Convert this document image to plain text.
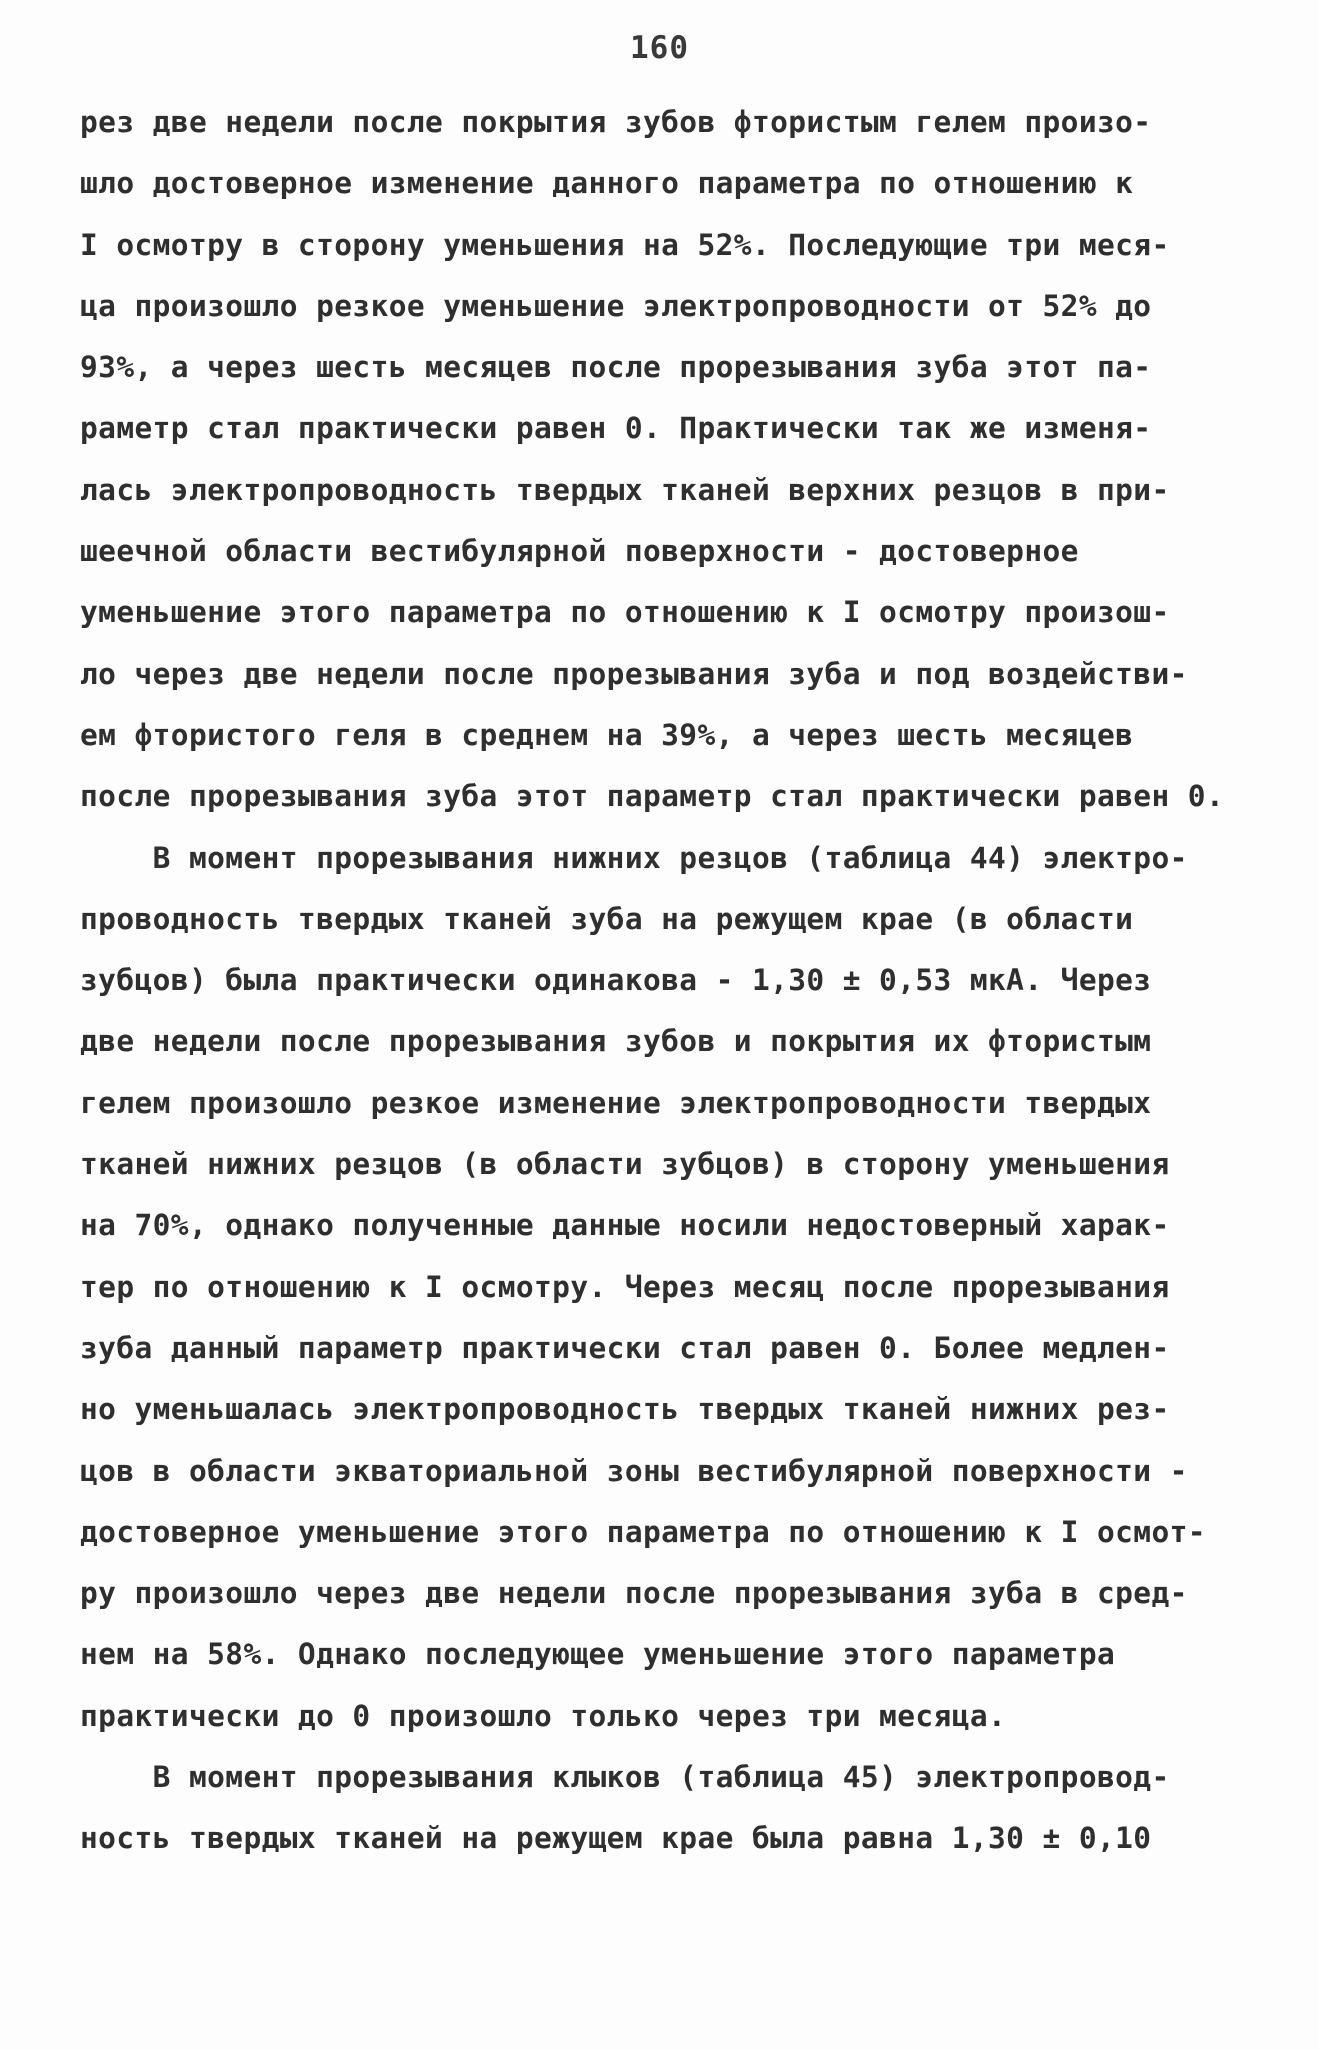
160
рез две недели после покрытия зубов фтористым гелем произо-
шло достоверное изменение данного параметра по отношению к
I осмотру в сторону уменьшения на 52%. Последующие три меся-
ца произошло резкое уменьшение электропроводности от 52% до
93%, а через шесть месяцев после прорезывания зуба этот па-
раметр стал практически равен 0. Практически так же изменя-
лась электропроводность твердых тканей верхних резцов в при-
шеечной области вестибулярной поверхности - достоверное
уменьшение этого параметра по отношению к I осмотру произош-
ло через две недели после прорезывания зуба и под воздействи-
ем фтористого геля в среднем на 39%, а через шесть месяцев
после прорезывания зуба этот параметр стал практически равен 0.
В момент прорезывания нижних резцов (таблица 44) электро-
проводность твердых тканей зуба на режущем крае (в области
зубцов) была практически одинакова - 1,30 ± 0,53 мкА. Через
две недели после прорезывания зубов и покрытия их фтористым
гелем произошло резкое изменение электропроводности твердых
тканей нижних резцов (в области зубцов) в сторону уменьшения
на 70%, однако полученные данные носили недостоверный харак-
тер по отношению к I осмотру. Через месяц после прорезывания
зуба данный параметр практически стал равен 0. Более медлен-
но уменьшалась электропроводность твердых тканей нижних рез-
цов в области экваториальной зоны вестибулярной поверхности -
достоверное уменьшение этого параметра по отношению к I осмот-
ру произошло через две недели после прорезывания зуба в сред-
нем на 58%. Однако последующее уменьшение этого параметра
практически до 0 произошло только через три месяца.
В момент прорезывания клыков (таблица 45) электропровод-
ность твердых тканей на режущем крае была равна 1,30 ± 0,10
